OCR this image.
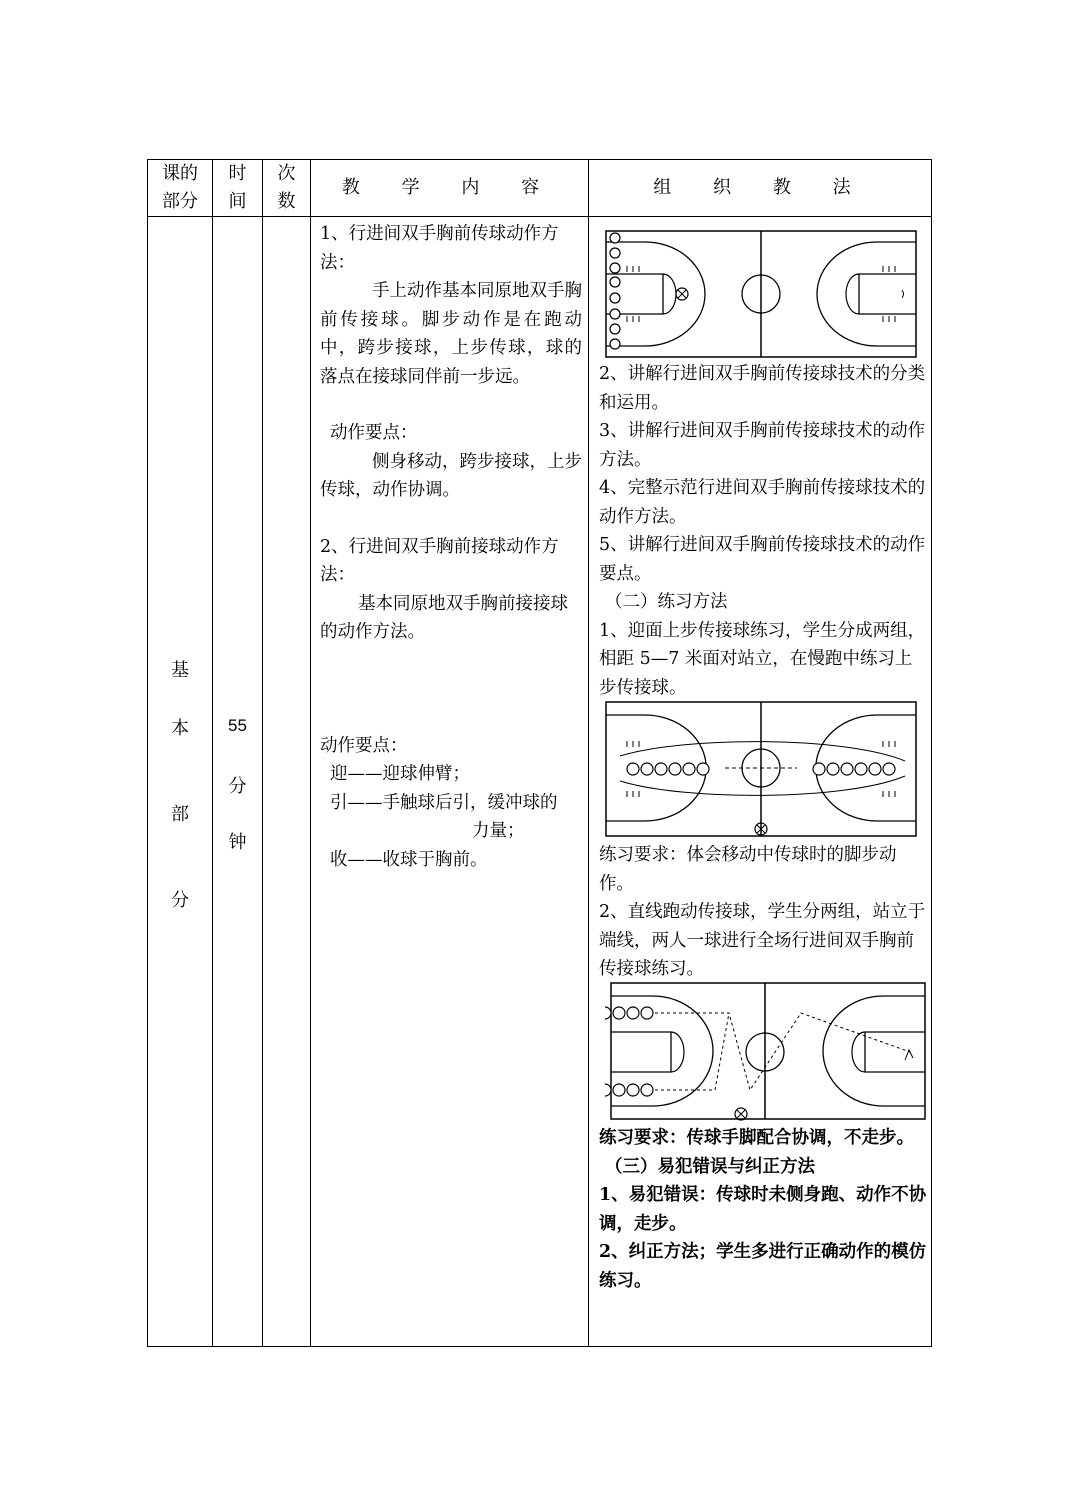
课的
部分
时
间
次
数
教 学 内 容	组 织 教 法
基
本
部
分
55
分
钟

1、行进间双手胸前传球动作方法：

手上动作基本同原地双手胸前传接球。脚步动作是在跑动中，跨步接球，上步传球，球的落点在接球同伴前一步远。

动作要点：

侧身移动，跨步接球，上步传球，动作协调。

2、行进间双手胸前接球动作方法：

基本同原地双手胸前接接球的动作方法。

动作要点：

迎——迎球伸臂；

引——手触球后引，缓冲球的

力量；

收——收球于胸前。

2、讲解行进间双手胸前传接球技术的分类和运用。

3、讲解行进间双手胸前传接球技术的动作方法。

4、完整示范行进间双手胸前传接球技术的动作方法。

5、讲解行进间双手胸前传接球技术的动作要点。

（二）练习方法

1、迎面上步传接球练习，学生分成两组，相距 5—7 米面对站立，在慢跑中练习上步传接球。

练习要求：体会移动中传球时的脚步动作。

2、直线跑动传接球，学生分两组，站立于端线，两人一球进行全场行进间双手胸前传接球练习。

练习要求：传球手脚配合协调，不走步。

（三）易犯错误与纠正方法

1、易犯错误：传球时未侧身跑、动作不协调，走步。

2、纠正方法；学生多进行正确动作的模仿练习。
